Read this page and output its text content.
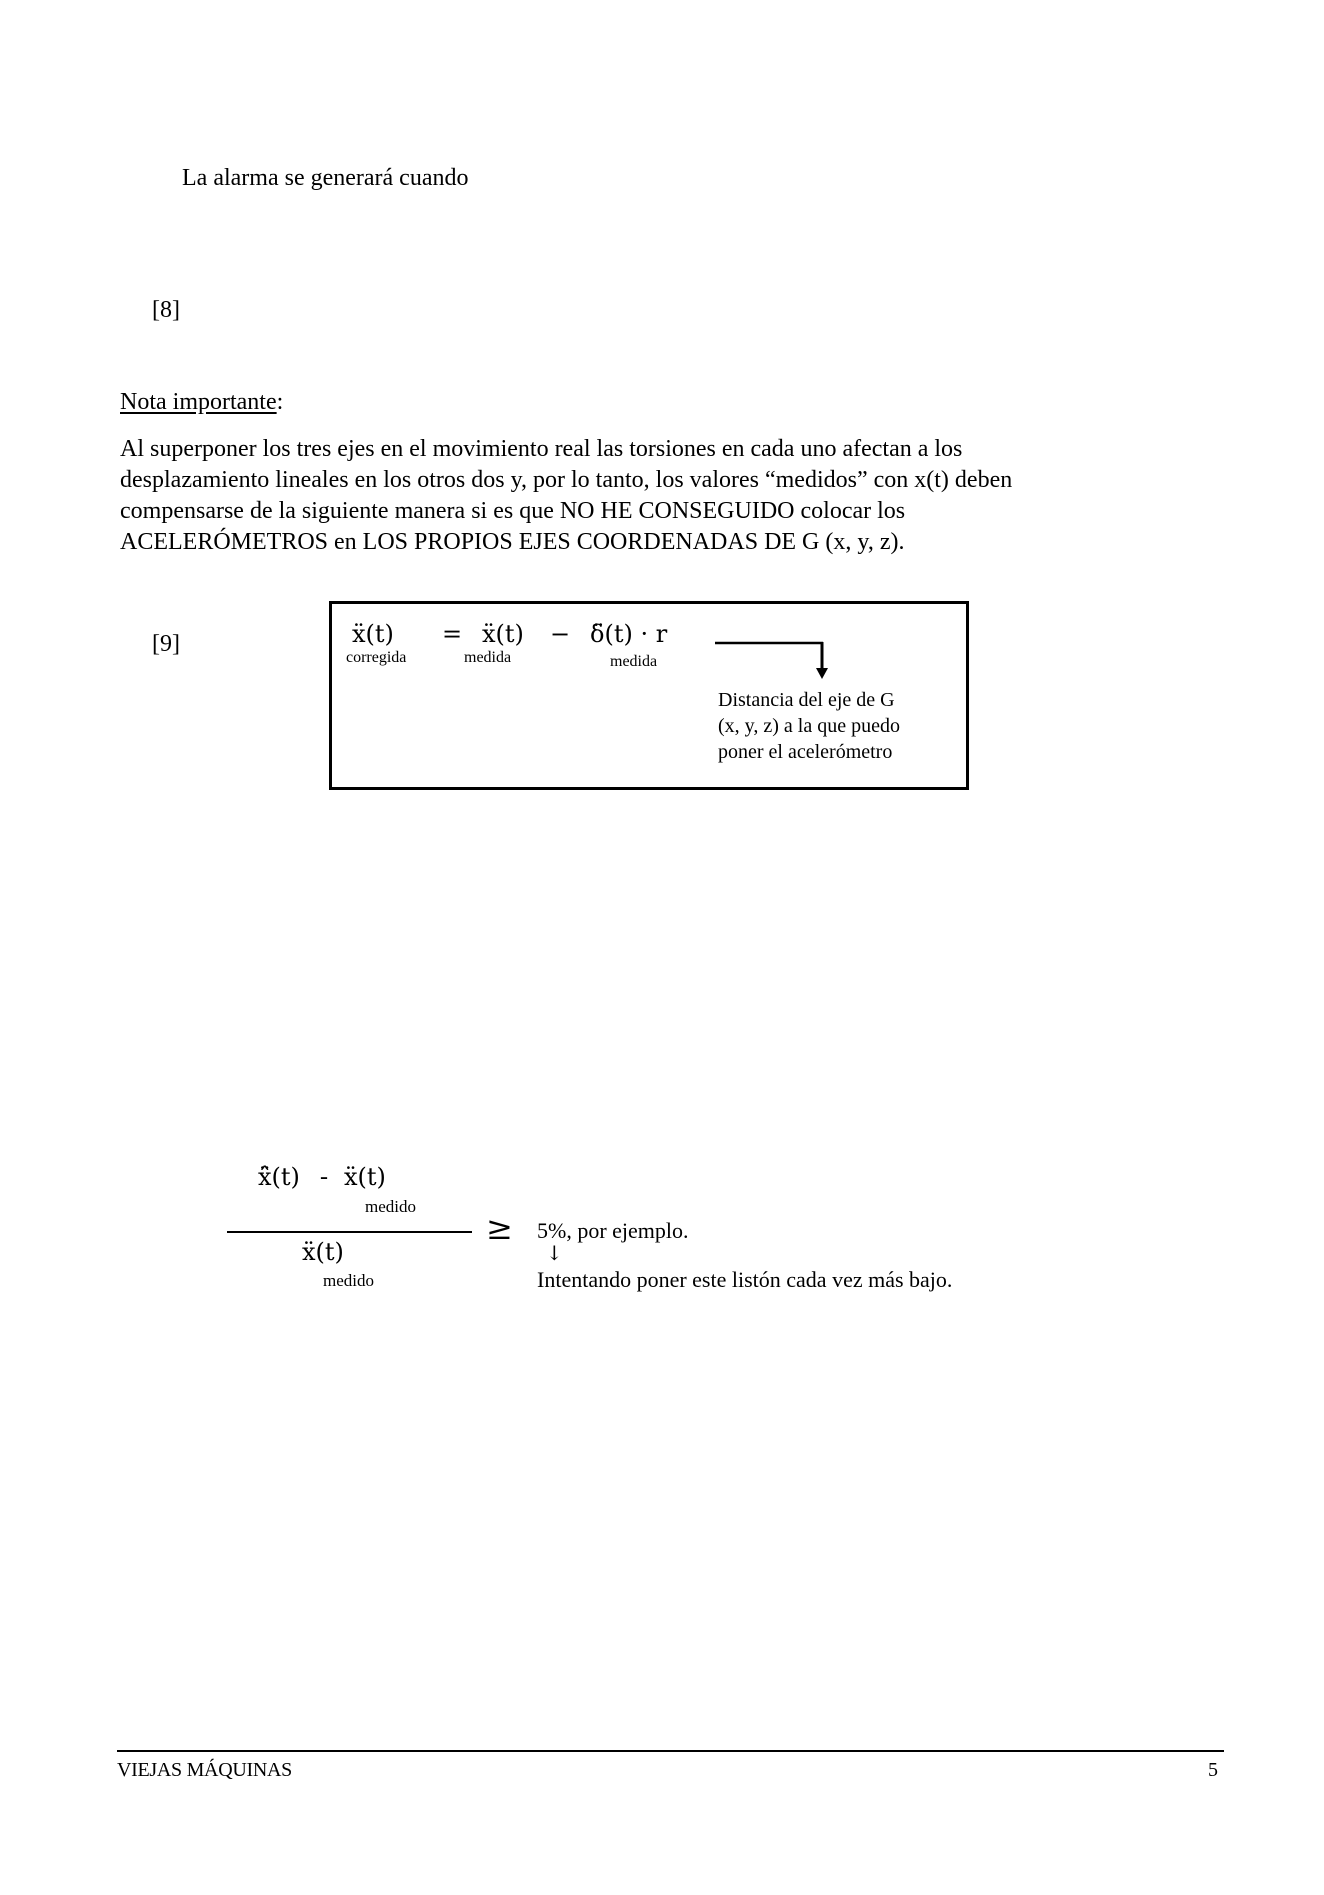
La alarma se generará cuando
[8]
Nota importante:
Al superponer los tres ejes en el movimiento real las torsiones en cada uno afectan a los
desplazamiento lineales en los otros dos y, por lo tanto, los valores “medidos” con x(t) deben
compensarse de la siguiente manera si es que NO HE CONSEGUIDO colocar los
ACELERÓMETROS en LOS PROPIOS EJES COORDENADAS DE G (x, y, z).
[9]	ẍ(t)
corregida
= ẍ(t)
medida
− δ̈(t) · r
medida
Distancia del eje de G
(x, y, z) a la que puedo
poner el acelerómetro
x̂̈(t) - ẍ(t)
medido
ẍ(t)
medido
≥ 5%, por ejemplo.
↓
Intentando poner este listón cada vez más bajo.
VIEJAS MÁQUINAS	5
